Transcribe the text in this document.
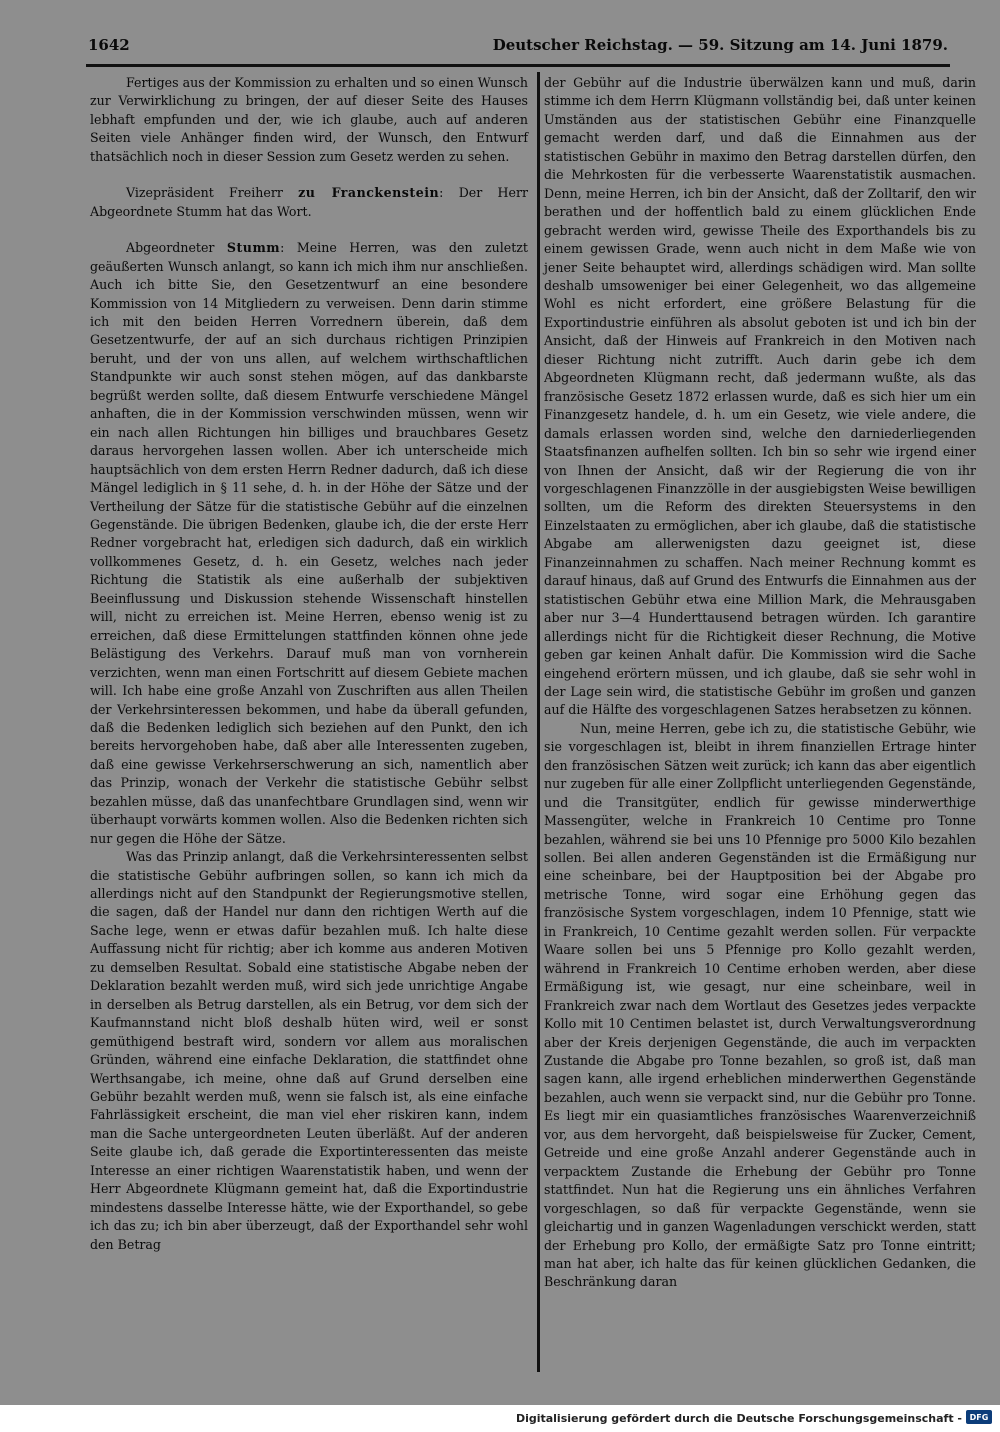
1642	Deutscher Reichstag. — 59. Sitzung am 14. Juni 1879.

Fertiges aus der Kommission zu erhalten und so einen Wunsch zur Verwirklichung zu bringen, der auf dieser Seite des Hauses lebhaft empfunden und der, wie ich glaube, auch auf anderen Seiten viele Anhänger finden wird, der Wunsch, den Entwurf thatsächlich noch in dieser Session zum Gesetz werden zu sehen.

Vizepräsident Freiherr zu Franckenstein: Der Herr Abgeordnete Stumm hat das Wort.

Abgeordneter Stumm: Meine Herren, was den zuletzt geäußerten Wunsch anlangt, so kann ich mich ihm nur anschließen. Auch ich bitte Sie, den Gesetzentwurf an eine besondere Kommission von 14 Mitgliedern zu verweisen. Denn darin stimme ich mit den beiden Herren Vorrednern überein, daß dem Gesetzentwurfe, der auf an sich durchaus richtigen Prinzipien beruht, und der von uns allen, auf welchem wirthschaftlichen Standpunkte wir auch sonst stehen mögen, auf das dankbarste begrüßt werden sollte, daß diesem Entwurfe verschiedene Mängel anhaften, die in der Kommission verschwinden müssen, wenn wir ein nach allen Richtungen hin billiges und brauchbares Gesetz daraus hervorgehen lassen wollen. Aber ich unterscheide mich hauptsächlich von dem ersten Herrn Redner dadurch, daß ich diese Mängel lediglich in § 11 sehe, d. h. in der Höhe der Sätze und der Vertheilung der Sätze für die statistische Gebühr auf die einzelnen Gegenstände. Die übrigen Bedenken, glaube ich, die der erste Herr Redner vorgebracht hat, erledigen sich dadurch, daß ein wirklich vollkommenes Gesetz, d. h. ein Gesetz, welches nach jeder Richtung die Statistik als eine außerhalb der subjektiven Beeinflussung und Diskussion stehende Wissenschaft hinstellen will, nicht zu erreichen ist. Meine Herren, ebenso wenig ist zu erreichen, daß diese Ermittelungen stattfinden können ohne jede Belästigung des Verkehrs. Darauf muß man von vornherein verzichten, wenn man einen Fortschritt auf diesem Gebiete machen will. Ich habe eine große Anzahl von Zuschriften aus allen Theilen der Verkehrsinteressen bekommen, und habe da überall gefunden, daß die Bedenken lediglich sich beziehen auf den Punkt, den ich bereits hervorgehoben habe, daß aber alle Interessenten zugeben, daß eine gewisse Verkehrserschwerung an sich, namentlich aber das Prinzip, wonach der Verkehr die statistische Gebühr selbst bezahlen müsse, daß das unanfechtbare Grundlagen sind, wenn wir überhaupt vorwärts kommen wollen. Also die Bedenken richten sich nur gegen die Höhe der Sätze.

Was das Prinzip anlangt, daß die Verkehrsinteressenten selbst die statistische Gebühr aufbringen sollen, so kann ich mich da allerdings nicht auf den Standpunkt der Regierungsmotive stellen, die sagen, daß der Handel nur dann den richtigen Werth auf die Sache lege, wenn er etwas dafür bezahlen muß. Ich halte diese Auffassung nicht für richtig; aber ich komme aus anderen Motiven zu demselben Resultat. Sobald eine statistische Abgabe neben der Deklaration bezahlt werden muß, wird sich jede unrichtige Angabe in derselben als Betrug darstellen, als ein Betrug, vor dem sich der Kaufmannstand nicht bloß deshalb hüten wird, weil er sonst gemüthigend bestraft wird, sondern vor allem aus moralischen Gründen, während eine einfache Deklaration, die stattfindet ohne Werthsangabe, ich meine, ohne daß auf Grund derselben eine Gebühr bezahlt werden muß, wenn sie falsch ist, als eine einfache Fahrlässigkeit erscheint, die man viel eher riskiren kann, indem man die Sache untergeordneten Leuten überläßt. Auf der anderen Seite glaube ich, daß gerade die Exportinteressenten das meiste Interesse an einer richtigen Waarenstatistik haben, und wenn der Herr Abgeordnete Klügmann gemeint hat, daß die Exportindustrie mindestens dasselbe Interesse hätte, wie der Exporthandel, so gebe ich das zu; ich bin aber überzeugt, daß der Exporthandel sehr wohl den Betrag

der Gebühr auf die Industrie überwälzen kann und muß, darin stimme ich dem Herrn Klügmann vollständig bei, daß unter keinen Umständen aus der statistischen Gebühr eine Finanzquelle gemacht werden darf, und daß die Einnahmen aus der statistischen Gebühr in maximo den Betrag darstellen dürfen, den die Mehrkosten für die verbesserte Waarenstatistik ausmachen. Denn, meine Herren, ich bin der Ansicht, daß der Zolltarif, den wir berathen und der hoffentlich bald zu einem glücklichen Ende gebracht werden wird, gewisse Theile des Exporthandels bis zu einem gewissen Grade, wenn auch nicht in dem Maße wie von jener Seite behauptet wird, allerdings schädigen wird. Man sollte deshalb umsoweniger bei einer Gelegenheit, wo das allgemeine Wohl es nicht erfordert, eine größere Belastung für die Exportindustrie einführen als absolut geboten ist und ich bin der Ansicht, daß der Hinweis auf Frankreich in den Motiven nach dieser Richtung nicht zutrifft. Auch darin gebe ich dem Abgeordneten Klügmann recht, daß jedermann wußte, als das französische Gesetz 1872 erlassen wurde, daß es sich hier um ein Finanzgesetz handele, d. h. um ein Gesetz, wie viele andere, die damals erlassen worden sind, welche den darniederliegenden Staatsfinanzen aufhelfen sollten. Ich bin so sehr wie irgend einer von Ihnen der Ansicht, daß wir der Regierung die von ihr vorgeschlagenen Finanzzölle in der ausgiebigsten Weise bewilligen sollten, um die Reform des direkten Steuersystems in den Einzelstaaten zu ermöglichen, aber ich glaube, daß die statistische Abgabe am allerwenigsten dazu geeignet ist, diese Finanzeinnahmen zu schaffen. Nach meiner Rechnung kommt es darauf hinaus, daß auf Grund des Entwurfs die Einnahmen aus der statistischen Gebühr etwa eine Million Mark, die Mehrausgaben aber nur 3—4 Hunderttausend betragen würden. Ich garantire allerdings nicht für die Richtigkeit dieser Rechnung, die Motive geben gar keinen Anhalt dafür. Die Kommission wird die Sache eingehend erörtern müssen, und ich glaube, daß sie sehr wohl in der Lage sein wird, die statistische Gebühr im großen und ganzen auf die Hälfte des vorgeschlagenen Satzes herabsetzen zu können.

Nun, meine Herren, gebe ich zu, die statistische Gebühr, wie sie vorgeschlagen ist, bleibt in ihrem finanziellen Ertrage hinter den französischen Sätzen weit zurück; ich kann das aber eigentlich nur zugeben für alle einer Zollpflicht unterliegenden Gegenstände, und die Transitgüter, endlich für gewisse minderwerthige Massengüter, welche in Frankreich 10 Centime pro Tonne bezahlen, während sie bei uns 10 Pfennige pro 5000 Kilo bezahlen sollen. Bei allen anderen Gegenständen ist die Ermäßigung nur eine scheinbare, bei der Hauptposition bei der Abgabe pro metrische Tonne, wird sogar eine Erhöhung gegen das französische System vorgeschlagen, indem 10 Pfennige, statt wie in Frankreich, 10 Centime gezahlt werden sollen. Für verpackte Waare sollen bei uns 5 Pfennige pro Kollo gezahlt werden, während in Frankreich 10 Centime erhoben werden, aber diese Ermäßigung ist, wie gesagt, nur eine scheinbare, weil in Frankreich zwar nach dem Wortlaut des Gesetzes jedes verpackte Kollo mit 10 Centimen belastet ist, durch Verwaltungsverordnung aber der Kreis derjenigen Gegenstände, die auch im verpackten Zustande die Abgabe pro Tonne bezahlen, so groß ist, daß man sagen kann, alle irgend erheblichen minderwerthen Gegenstände bezahlen, auch wenn sie verpackt sind, nur die Gebühr pro Tonne. Es liegt mir ein quasiamtliches französisches Waarenverzeichniß vor, aus dem hervorgeht, daß beispielsweise für Zucker, Cement, Getreide und eine große Anzahl anderer Gegenstände auch in verpacktem Zustande die Erhebung der Gebühr pro Tonne stattfindet. Nun hat die Regierung uns ein ähnliches Verfahren vorgeschlagen, so daß für verpackte Gegenstände, wenn sie gleichartig und in ganzen Wagenladungen verschickt werden, statt der Erhebung pro Kollo, der ermäßigte Satz pro Tonne eintritt; man hat aber, ich halte das für keinen glücklichen Gedanken, die Beschränkung daran

Digitalisierung gefördert durch die Deutsche Forschungsgemeinschaft - DFG
